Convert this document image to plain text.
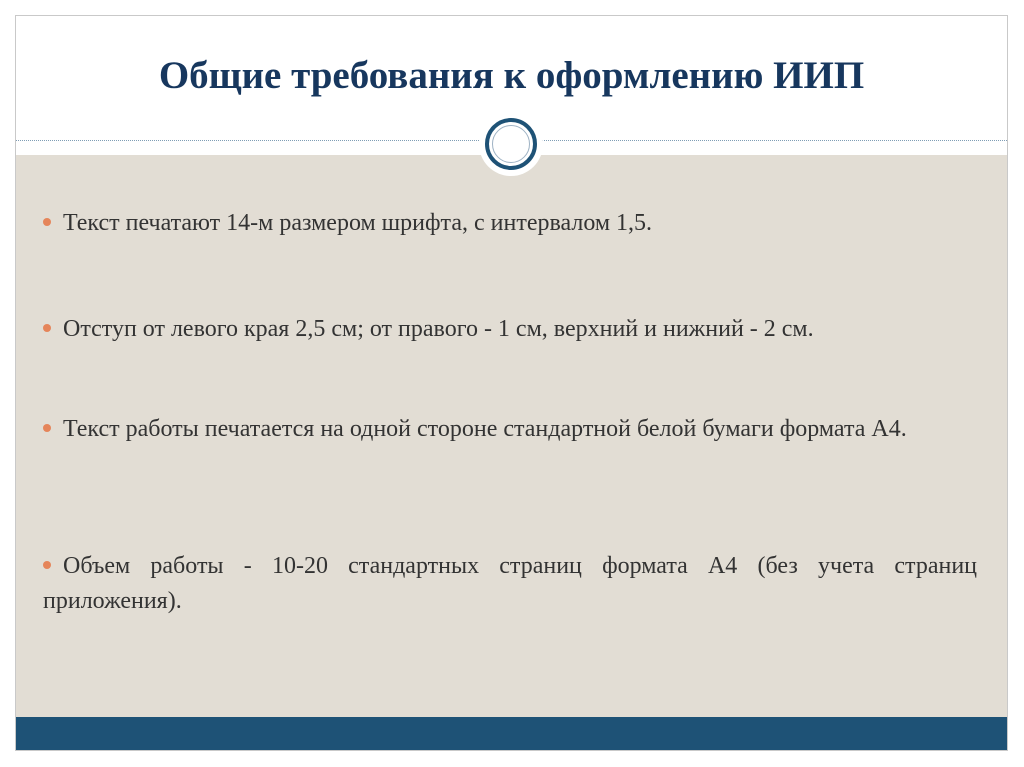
Общие требования к оформлению ИИП

Текст печатают 14-м размером шрифта, с интервалом 1,5.

Отступ от левого края 2,5 см; от правого - 1 см, верхний и нижний - 2 см.

Текст работы печатается на одной стороне стандартной белой бумаги формата А4.

Объем работы - 10-20 стандартных страниц формата А4 (без учета страниц приложения).
